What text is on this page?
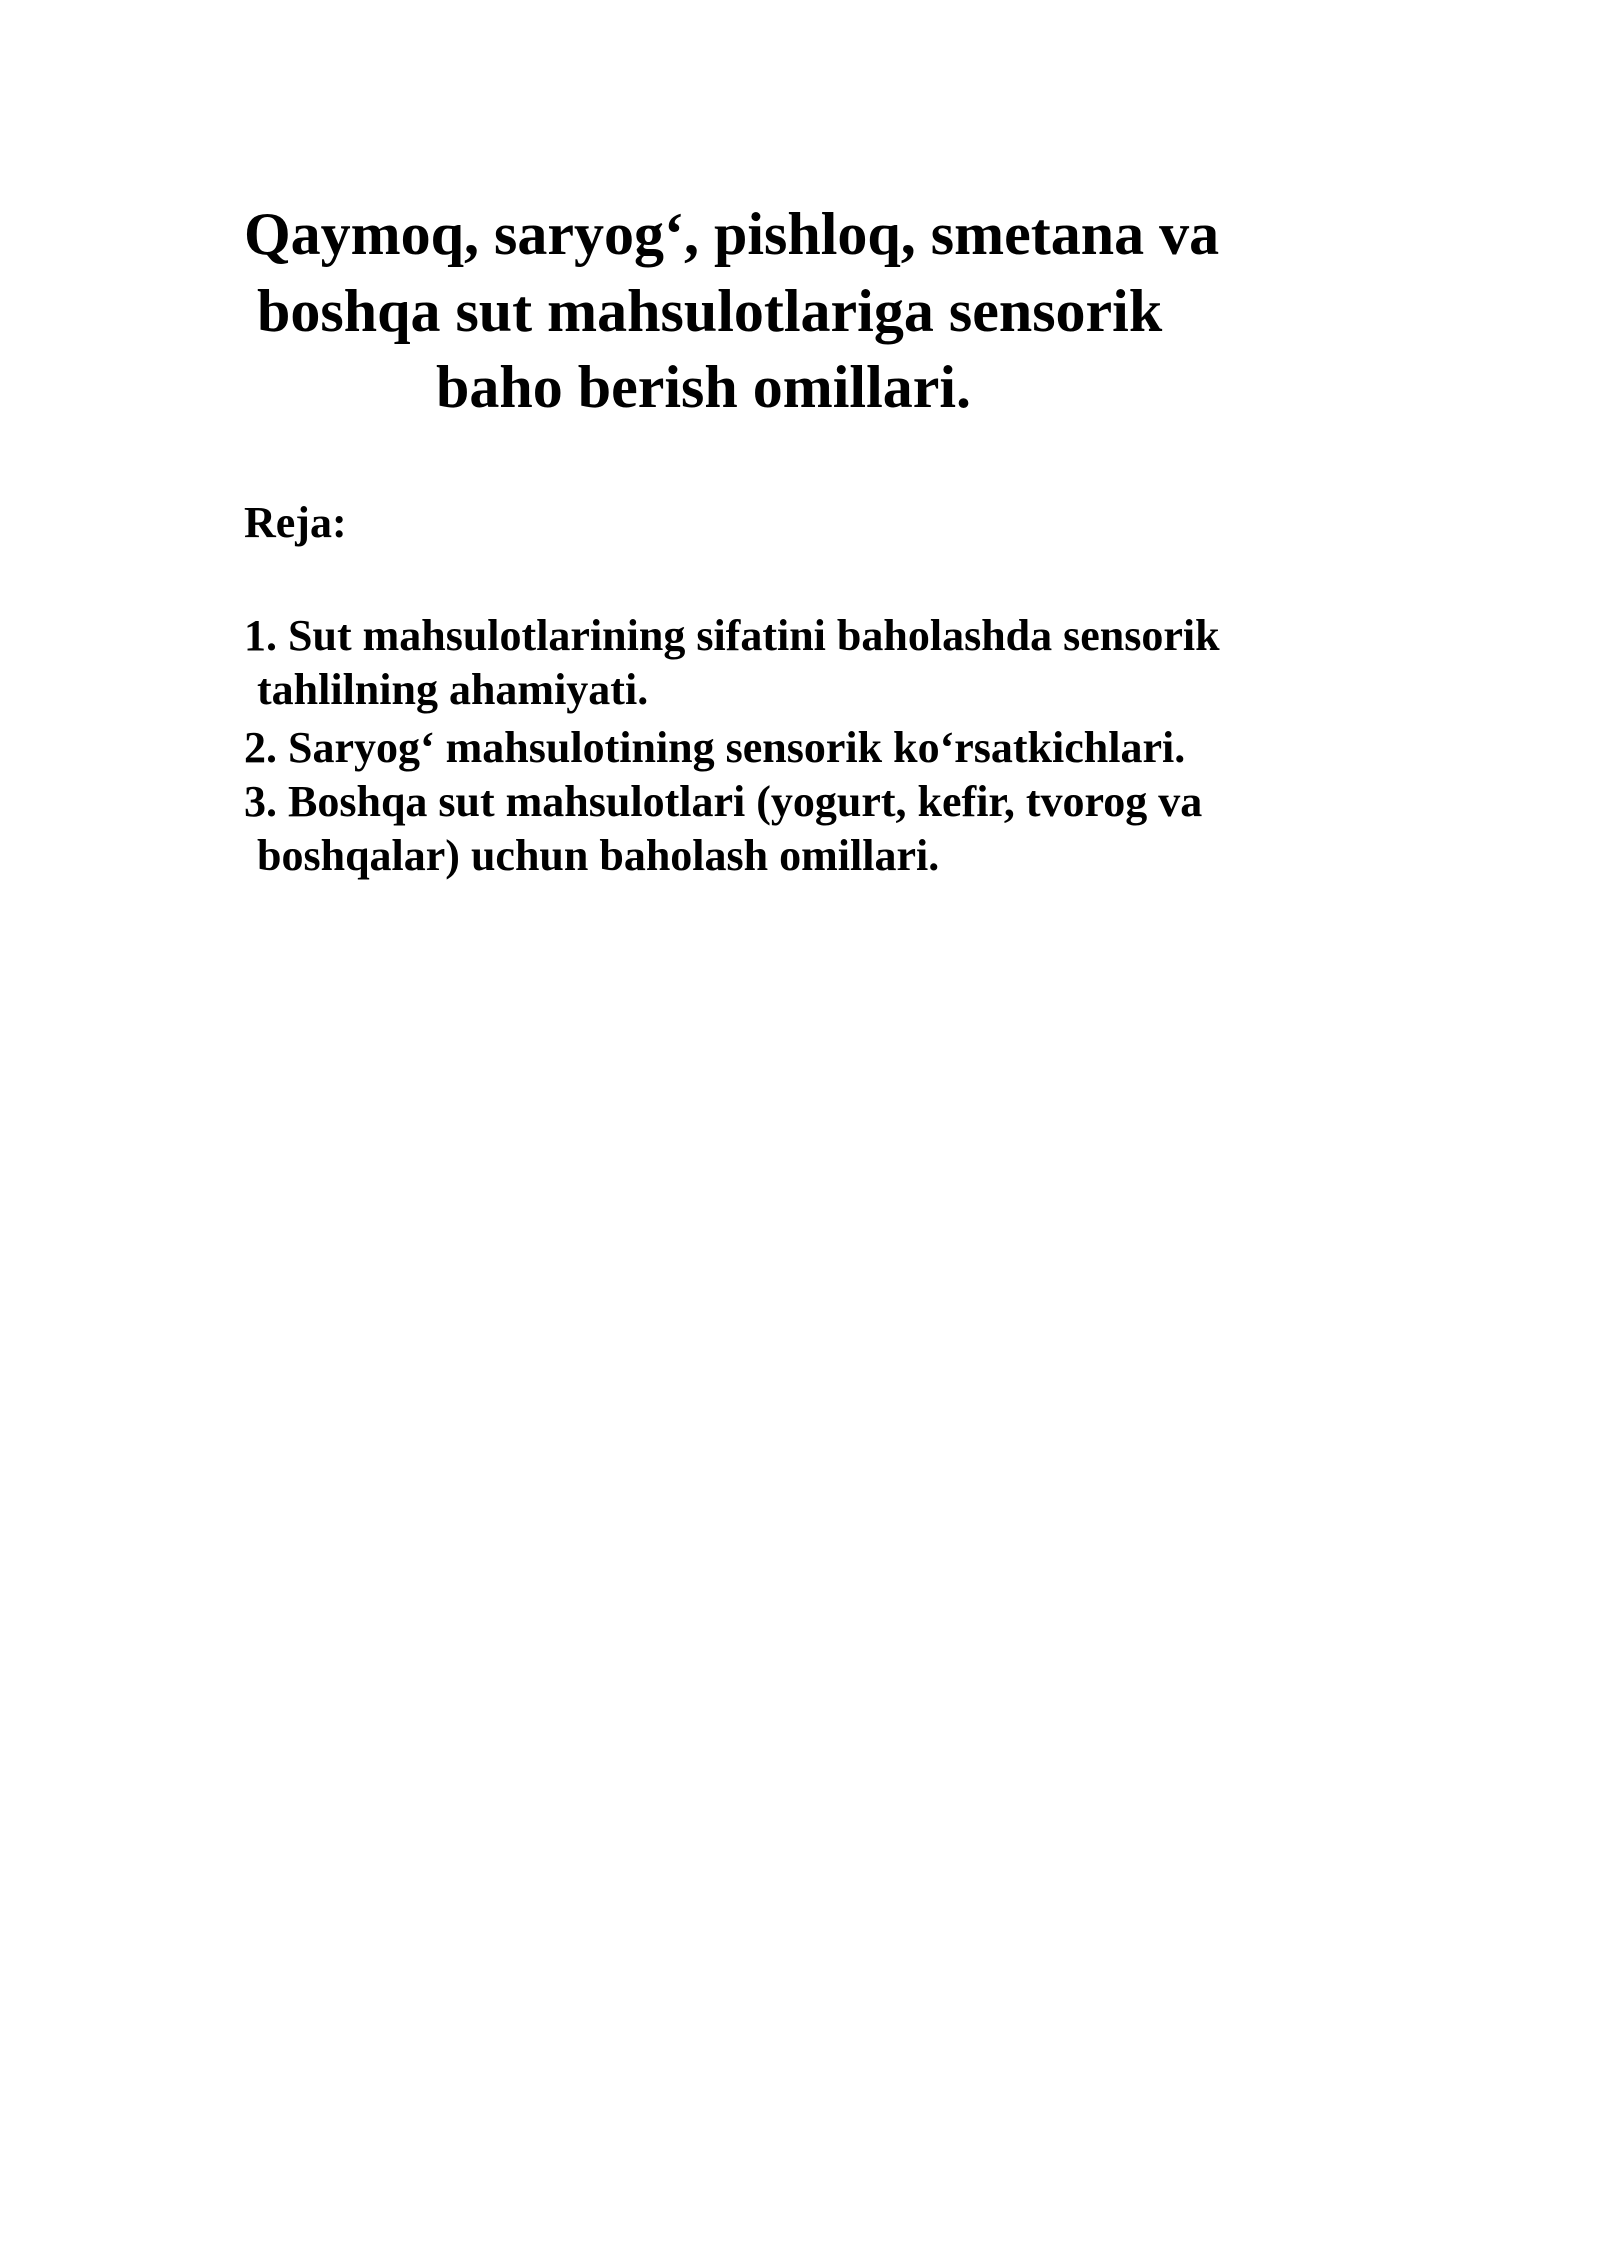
Qaymoq, saryog‘, pishloq, smetana va
boshqa sut mahsulotlariga sensorik
baho berish omillari.
Reja:
1. Sut mahsulotlarining sifatini baholashda sensorik
tahlilning ahamiyati.
2. Saryog‘ mahsulotining sensorik ko‘rsatkichlari.
3. Boshqa sut mahsulotlari (yogurt, kefir, tvorog va
boshqalar) uchun baholash omillari.
